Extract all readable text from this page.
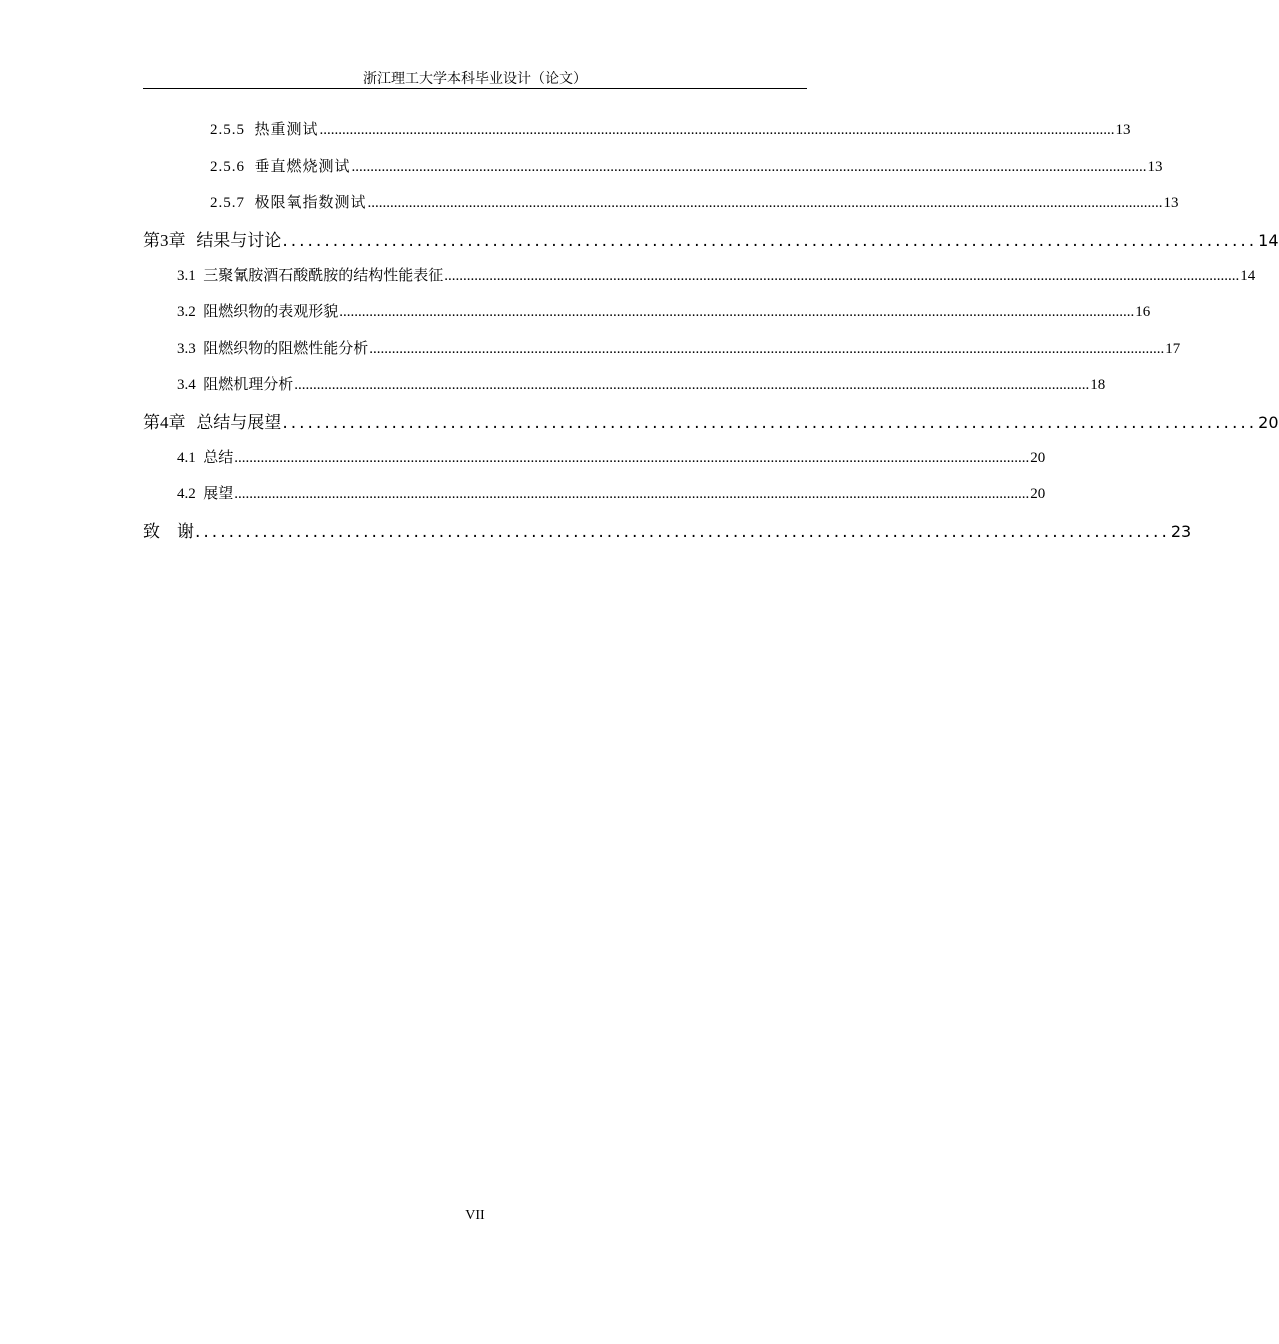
浙江理工大学本科毕业设计（论文）
2.5.5 热重测试 .................................................................................................................................................................................................................... 13
2.5.6 垂直燃烧测试 .................................................................................................................................................................................................................... 13
2.5.7 极限氧指数测试 .................................................................................................................................................................................................................... 13
第3章 结果与讨论 .................................................................................................................... 14
3.1 三聚氰胺酒石酸酰胺的结构性能表征 .................................................................................................................................................................................................................... 14
3.2 阻燃织物的表观形貌 .................................................................................................................................................................................................................... 16
3.3 阻燃织物的阻燃性能分析 .................................................................................................................................................................................................................... 17
3.4 阻燃机理分析 .................................................................................................................................................................................................................... 18
第4章 总结与展望 .................................................................................................................... 20
4.1 总结 .................................................................................................................................................................................................................... 20
4.2 展望 .................................................................................................................................................................................................................... 20
致　谢 .................................................................................................................... 23
VII
